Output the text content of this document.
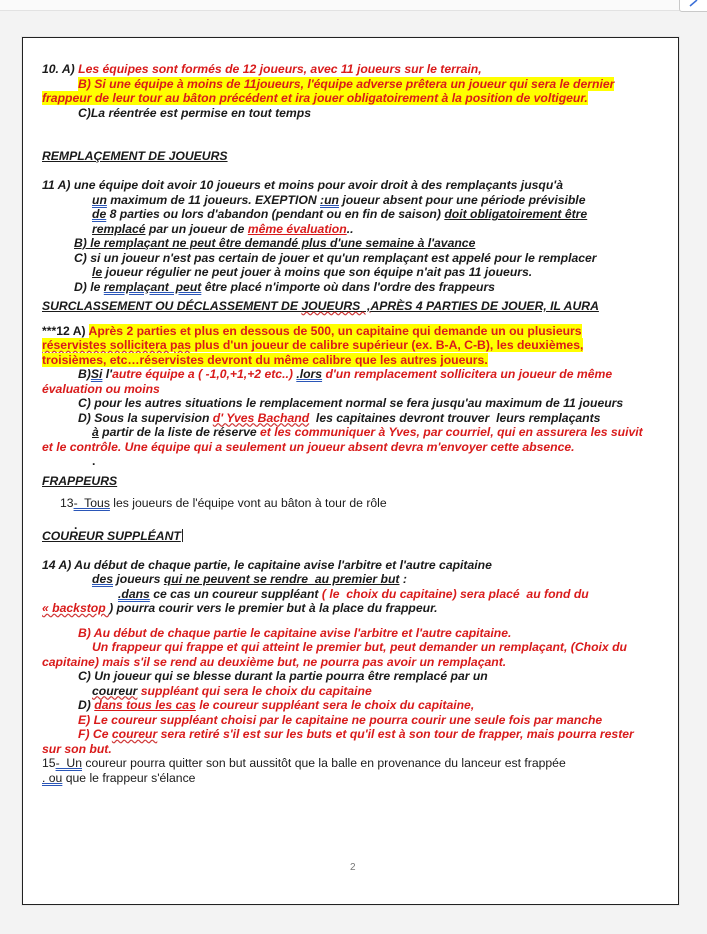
10. A) Les équipes sont formés de 12 joueurs, avec 11 joueurs sur le terrain,
B) Si une équipe à moins de 11joueurs, l'équipe adverse prêtera un joueur qui sera le dernier
frappeur de leur tour au bâton précédent et ira jouer obligatoirement à la position de voltigeur.
C)La réentrée est permise en tout temps
REMPLAÇEMENT DE JOUEURS
11 A) une équipe doit avoir 10 joueurs et moins pour avoir droit à des remplaçants jusqu'à
un maximum de 11 joueurs. EXEPTION :un joueur absent pour une période prévisible
de 8 parties ou lors d'abandon (pendant ou en fin de saison) doit obligatoirement être
remplacé par un joueur de même évaluation..
B) le remplaçant ne peut être demandé plus d'une semaine à l'avance
C) si un joueur n'est pas certain de jouer et qu'un remplaçant est appelé pour le remplacer
le joueur régulier ne peut jouer à moins que son équipe n'ait pas 11 joueurs.
D) le remplaçant  peut être placé n'importe où dans l'ordre des frappeurs
SURCLASSEMENT OU DÉCLASSEMENT DE JOUEURS  ,APRÈS 4 PARTIES DE JOUER, IL AURA
***12 A) Après 2 parties et plus en dessous de 500, un capitaine qui demande un ou plusieurs
réservistes sollicitera pas plus d'un joueur de calibre supérieur (ex. B-A, C-B), les deuxièmes,
troisièmes, etc…réservistes devront du même calibre que les autres joueurs.
B)Si l'autre équipe a ( -1,0,+1,+2 etc..) .lors d'un remplacement sollicitera un joueur de même
évaluation ou moins
C) pour les autres situations le remplacement normal se fera jusqu'au maximum de 11 joueurs
D) Sous la supervision d' Yves Bachand  les capitaines devront trouver  leurs remplaçants
à partir de la liste de réserve et les communiquer à Yves, par courriel, qui en assurera les suivit
et le contrôle. Une équipe qui a seulement un joueur absent devra m'envoyer cette absence.
.
FRAPPEURS
13-  Tous les joueurs de l'équipe vont au bâton à tour de rôle
.
COUREUR SUPPLÉANT
14 A) Au début de chaque partie, le capitaine avise l'arbitre et l'autre capitaine
des joueurs qui ne peuvent se rendre  au premier but :
.dans ce cas un coureur suppléant ( le  choix du capitaine) sera placé  au fond du
« backstop ) pourra courir vers le premier but à la place du frappeur.
B) Au début de chaque partie le capitaine avise l'arbitre et l'autre capitaine.
Un frappeur qui frappe et qui atteint le premier but, peut demander un remplaçant, (Choix du
capitaine) mais s'il se rend au deuxième but, ne pourra pas avoir un remplaçant.
C) Un joueur qui se blesse durant la partie pourra être remplacé par un
coureur suppléant qui sera le choix du capitaine
D) dans tous les cas le coureur suppléant sera le choix du capitaine,
E) Le coureur suppléant choisi par le capitaine ne pourra courir une seule fois par manche
F) Ce coureur sera retiré s'il est sur les buts et qu'il est à son tour de frapper, mais pourra rester
sur son but.
15-  Un coureur pourra quitter son but aussitôt que la balle en provenance du lanceur est frappée
. ou que le frappeur s'élance
2
